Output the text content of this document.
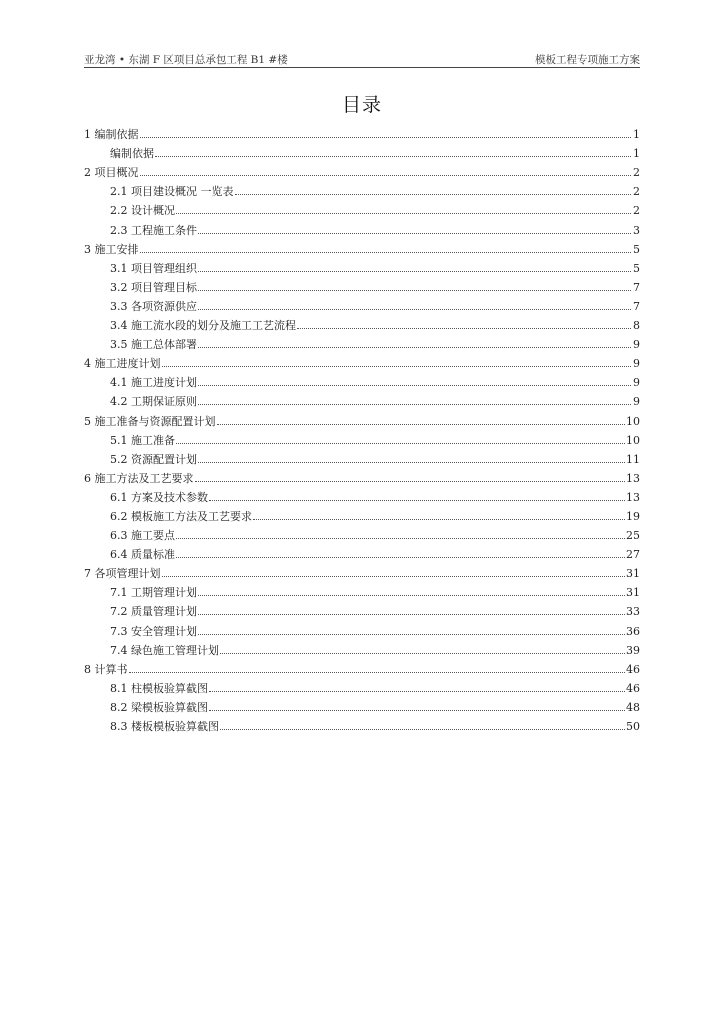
亚龙湾 • 东湖 F 区项目总承包工程 B1 #楼	模板工程专项施工方案
目录
1 编制依据	1
编制依据	1
2 项目概况	2
2.1 项目建设概况 一览表	2
2.2 设计概况	2
2.3 工程施工条件	3
3 施工安排	5
3.1 项目管理组织	5
3.2 项目管理目标	7
3.3 各项资源供应	7
3.4 施工流水段的划分及施工工艺流程	8
3.5 施工总体部署	9
4 施工进度计划	9
4.1 施工进度计划	9
4.2 工期保证原则	9
5 施工准备与资源配置计划	10
5.1 施工准备	10
5.2 资源配置计划	11
6 施工方法及工艺要求	13
6.1 方案及技术参数	13
6.2 模板施工方法及工艺要求	19
6.3 施工要点	25
6.4 质量标准	27
7 各项管理计划	31
7.1 工期管理计划	31
7.2 质量管理计划	33
7.3 安全管理计划	36
7.4 绿色施工管理计划	39
8 计算书	46
8.1 柱模板验算截图	46
8.2 梁模板验算截图	48
8.3 楼板模板验算截图	50
